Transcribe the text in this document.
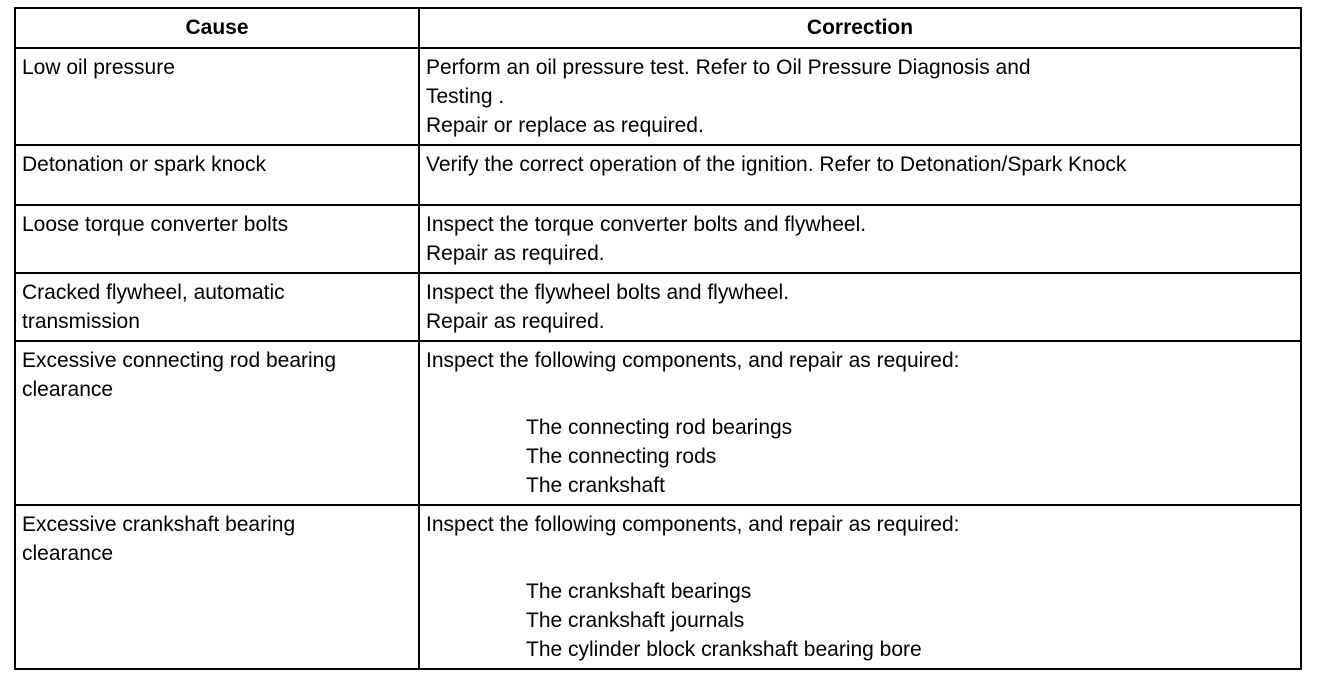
Cause	Correction

Low oil pressure	Perform an oil pressure test. Refer to Oil Pressure Diagnosis and
Testing .
Repair or replace as required.

Detonation or spark knock	Verify the correct operation of the ignition. Refer to Detonation/Spark Knock

Loose torque converter bolts	Inspect the torque converter bolts and flywheel.
Repair as required.

Cracked flywheel, automatic
transmission	Inspect the flywheel bolts and flywheel.
Repair as required.

Excessive connecting rod bearing
clearance	Inspect the following components, and repair as required:
The connecting rod bearings
The connecting rods
The crankshaft

Excessive crankshaft bearing
clearance	Inspect the following components, and repair as required:
The crankshaft bearings
The crankshaft journals
The cylinder block crankshaft bearing bore
